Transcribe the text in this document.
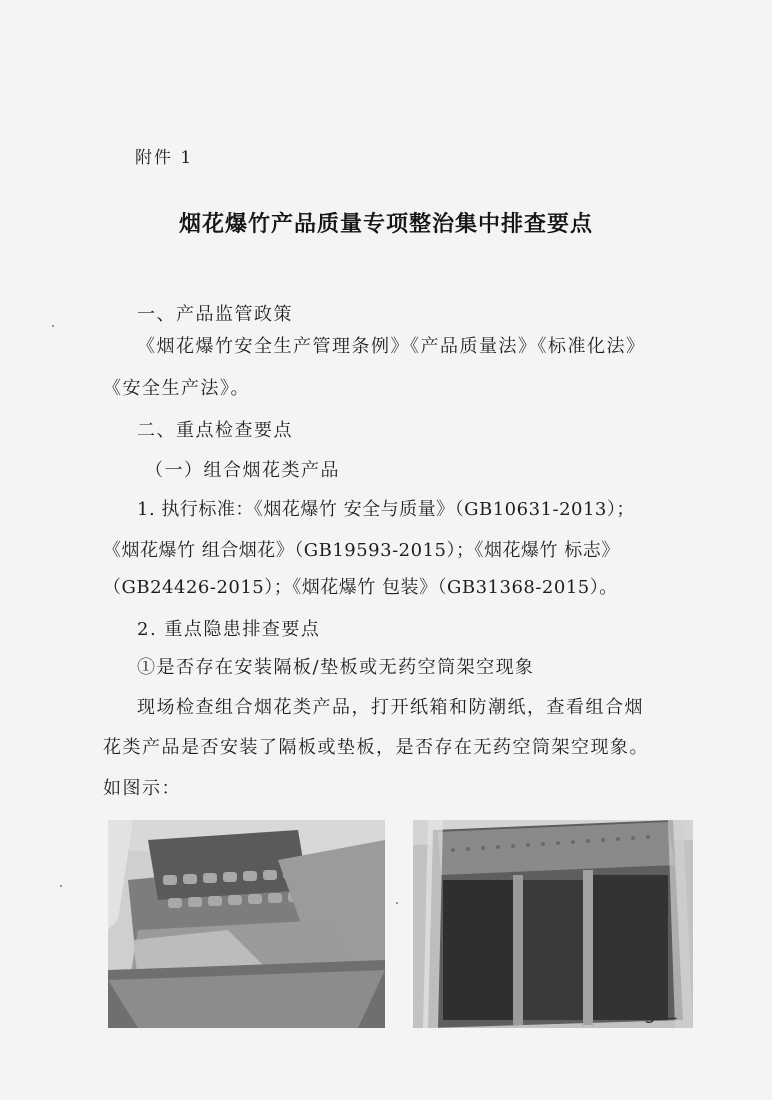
附件 1
烟花爆竹产品质量专项整治集中排查要点
一、产品监管政策
《烟花爆竹安全生产管理条例》《产品质量法》《标准化法》
《安全生产法》。
二、重点检查要点
（一）组合烟花类产品
1. 执行标准：《烟花爆竹 安全与质量》（GB10631-2013）；
《烟花爆竹 组合烟花》（GB19593-2015）；《烟花爆竹 标志》
（GB24426-2015）；《烟花爆竹 包装》（GB31368-2015）。
2. 重点隐患排查要点
①是否存在安装隔板/垫板或无药空筒架空现象
现场检查组合烟花类产品，打开纸箱和防潮纸，查看组合烟
花类产品是否安装了隔板或垫板，是否存在无药空筒架空现象。
如图示：
— 3 —
